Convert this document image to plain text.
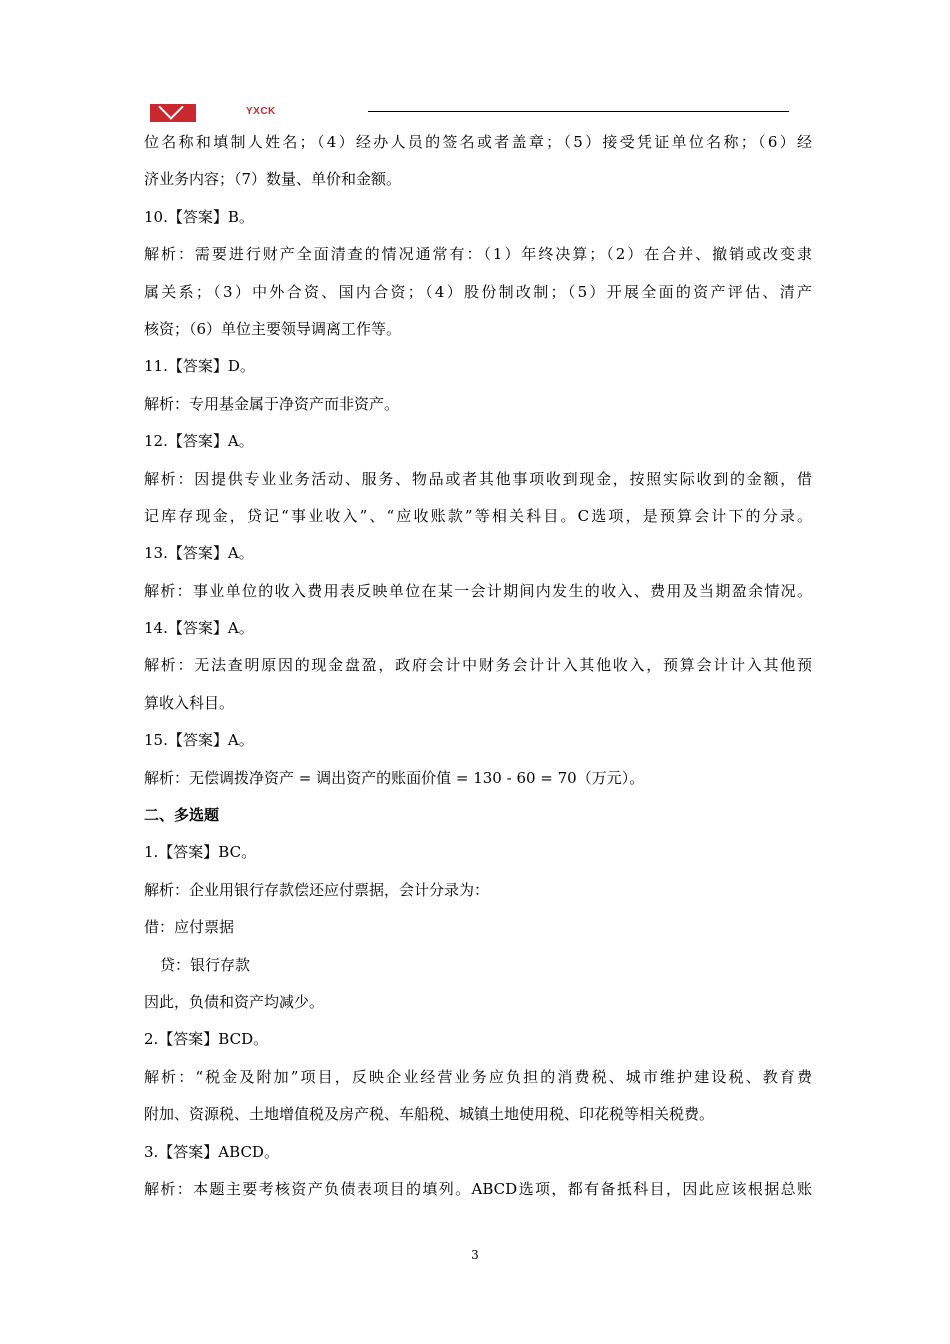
YXCK
位名称和填制人姓名；（4）经办人员的签名或者盖章；（5）接受凭证单位名称；（6）经
济业务内容；（7）数量、单价和金额。
10.【答案】B。
解析：需要进行财产全面清查的情况通常有：（1）年终决算；（2）在合并、撤销或改变隶
属关系；（3）中外合资、国内合资；（4）股份制改制；（5）开展全面的资产评估、清产
核资；（6）单位主要领导调离工作等。
11.【答案】D。
解析：专用基金属于净资产而非资产。
12.【答案】A。
解析：因提供专业业务活动、服务、物品或者其他事项收到现金，按照实际收到的金额，借
记库存现金，贷记“事业收入”、“应收账款”等相关科目。C选项，是预算会计下的分录。
13.【答案】A。
解析：事业单位的收入费用表反映单位在某一会计期间内发生的收入、费用及当期盈余情况。
14.【答案】A。
解析：无法查明原因的现金盘盈，政府会计中财务会计计入其他收入，预算会计计入其他预
算收入科目。
15.【答案】A。
解析：无偿调拨净资产 = 调出资产的账面价值 = 130 - 60 = 70（万元）。
二、多选题
1.【答案】BC。
解析：企业用银行存款偿还应付票据，会计分录为：
借：应付票据
贷：银行存款
因此，负债和资产均减少。
2.【答案】BCD。
解析：“税金及附加”项目，反映企业经营业务应负担的消费税、城市维护建设税、教育费
附加、资源税、土地增值税及房产税、车船税、城镇土地使用税、印花税等相关税费。
3.【答案】ABCD。
解析：本题主要考核资产负债表项目的填列。ABCD选项，都有备抵科目，因此应该根据总账
3
